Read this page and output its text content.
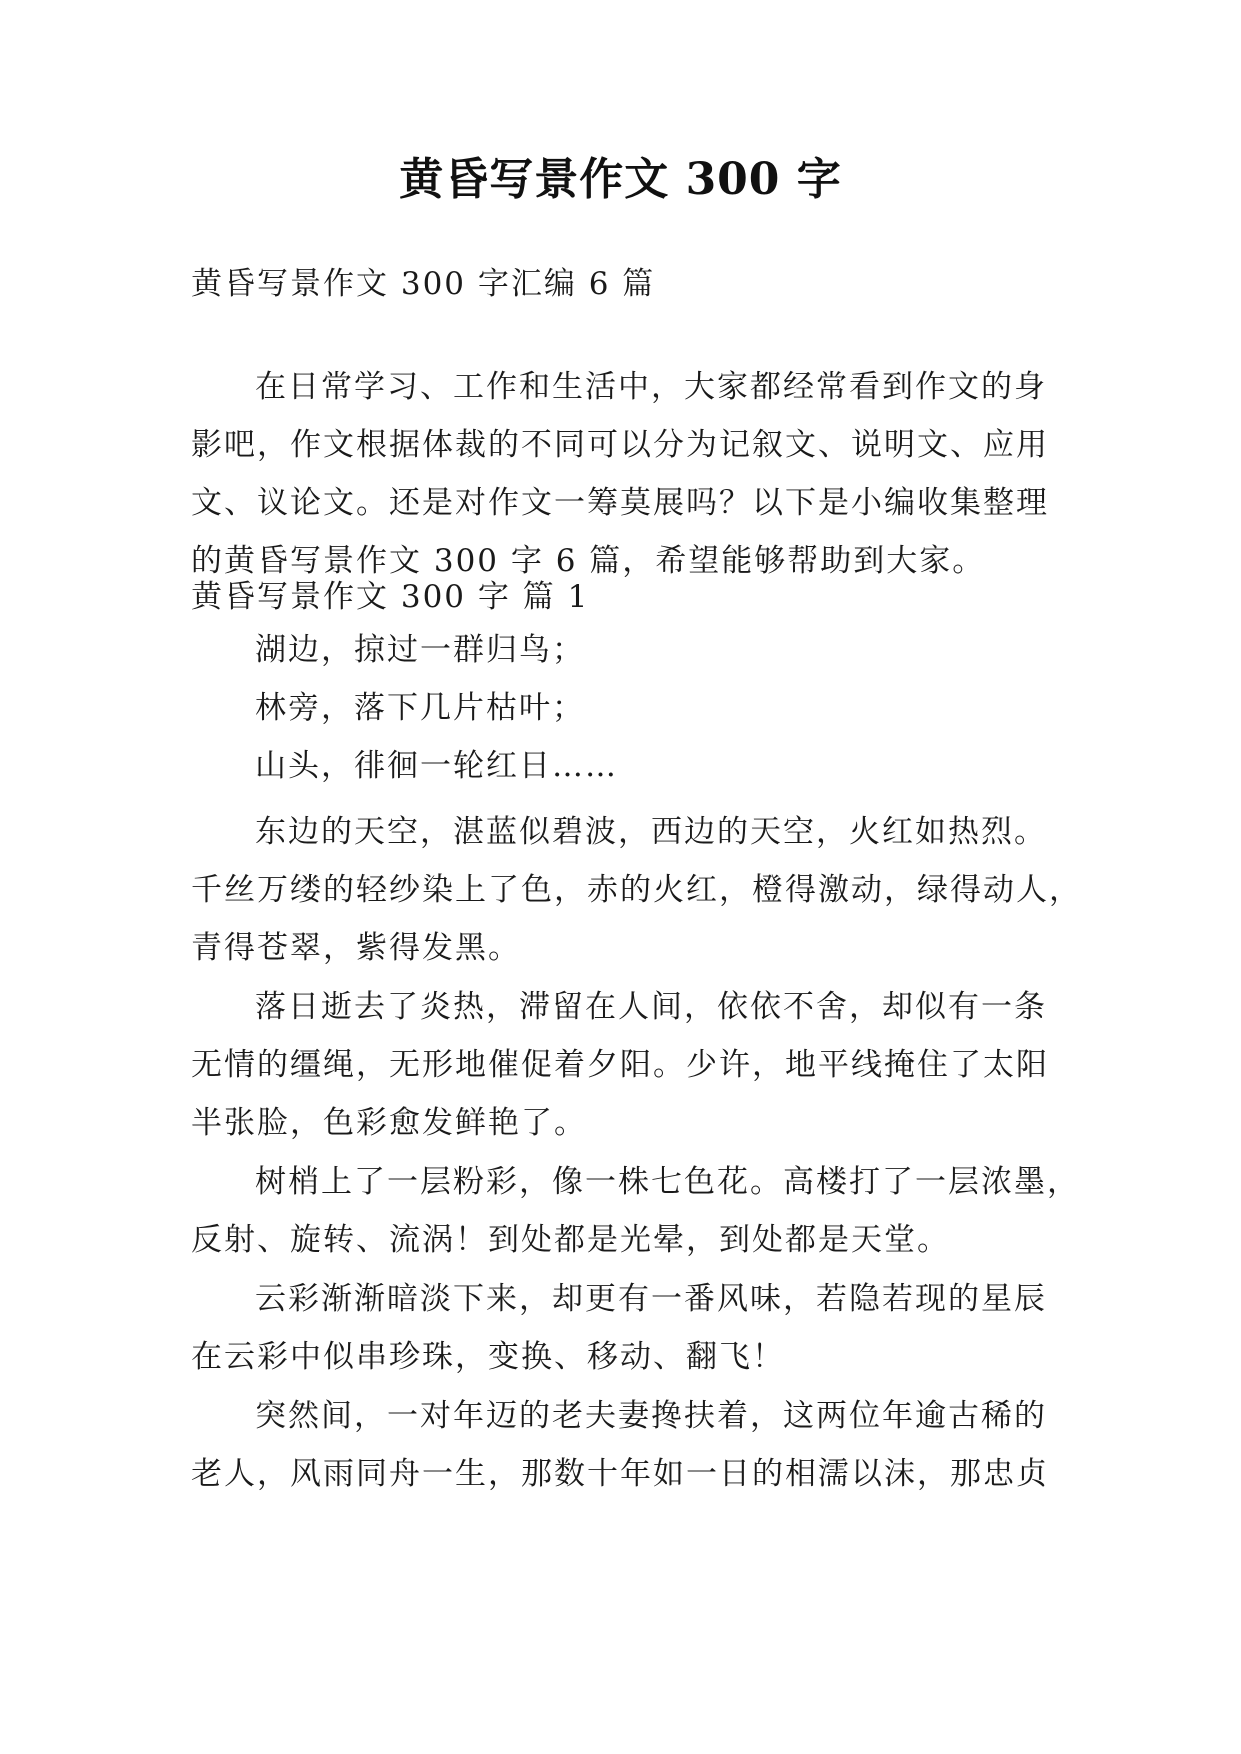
黄昏写景作文 300 字
黄昏写景作文 300 字汇编 6 篇
在日常学习、工作和生活中，大家都经常看到作文的身
影吧，作文根据体裁的不同可以分为记叙文、说明文、应用
文、议论文。还是对作文一筹莫展吗？以下是小编收集整理
的黄昏写景作文 300 字 6 篇，希望能够帮助到大家。
黄昏写景作文 300 字 篇 1
湖边，掠过一群归鸟；
林旁，落下几片枯叶；
山头，徘徊一轮红日……
东边的天空，湛蓝似碧波，西边的天空，火红如热烈。
千丝万缕的轻纱染上了色，赤的火红，橙得激动，绿得动人，
青得苍翠，紫得发黑。
落日逝去了炎热，滞留在人间，依依不舍，却似有一条
无情的缰绳，无形地催促着夕阳。少许，地平线掩住了太阳
半张脸，色彩愈发鲜艳了。
树梢上了一层粉彩，像一株七色花。高楼打了一层浓墨，
反射、旋转、流涡！到处都是光晕，到处都是天堂。
云彩渐渐暗淡下来，却更有一番风味，若隐若现的星辰
在云彩中似串珍珠，变换、移动、翻飞！
突然间，一对年迈的老夫妻搀扶着，这两位年逾古稀的
老人，风雨同舟一生，那数十年如一日的相濡以沫，那忠贞
